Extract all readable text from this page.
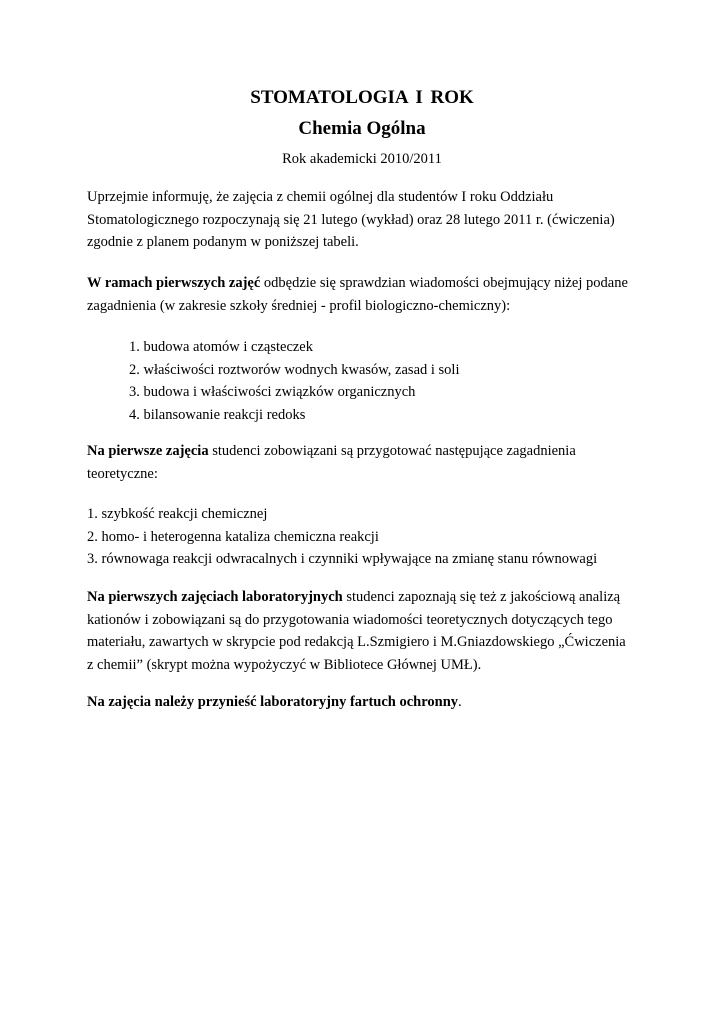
STOMATOLOGIA I ROK
Chemia Ogólna

Rok akademicki 2010/2011

Uprzejmie informuję, że zajęcia z chemii ogólnej dla studentów I roku Oddziału
Stomatologicznego rozpoczynają się 21 lutego (wykład) oraz 28 lutego 2011 r. (ćwiczenia)
zgodnie z planem podanym w poniższej tabeli.

W ramach pierwszych zajęć odbędzie się sprawdzian wiadomości obejmujący niżej podane
zagadnienia (w zakresie szkoły średniej - profil biologiczno-chemiczny):

1. budowa atomów i cząsteczek
2. właściwości roztworów wodnych kwasów, zasad i soli
3. budowa i właściwości związków organicznych
4. bilansowanie reakcji redoks

Na pierwsze zajęcia studenci zobowiązani są przygotować następujące zagadnienia
teoretyczne:

1. szybkość reakcji chemicznej
2. homo- i heterogenna kataliza chemiczna reakcji
3. równowaga reakcji odwracalnych i czynniki wpływające na zmianę stanu równowagi

Na pierwszych zajęciach laboratoryjnych studenci zapoznają się też z jakościową analizą
kationów i zobowiązani są do przygotowania wiadomości teoretycznych dotyczących tego
materiału, zawartych w skrypcie pod redakcją L.Szmigiero i M.Gniazdowskiego „Ćwiczenia
z chemii” (skrypt można wypożyczyć w Bibliotece Głównej UMŁ).

Na zajęcia należy przynieść laboratoryjny fartuch ochronny.
